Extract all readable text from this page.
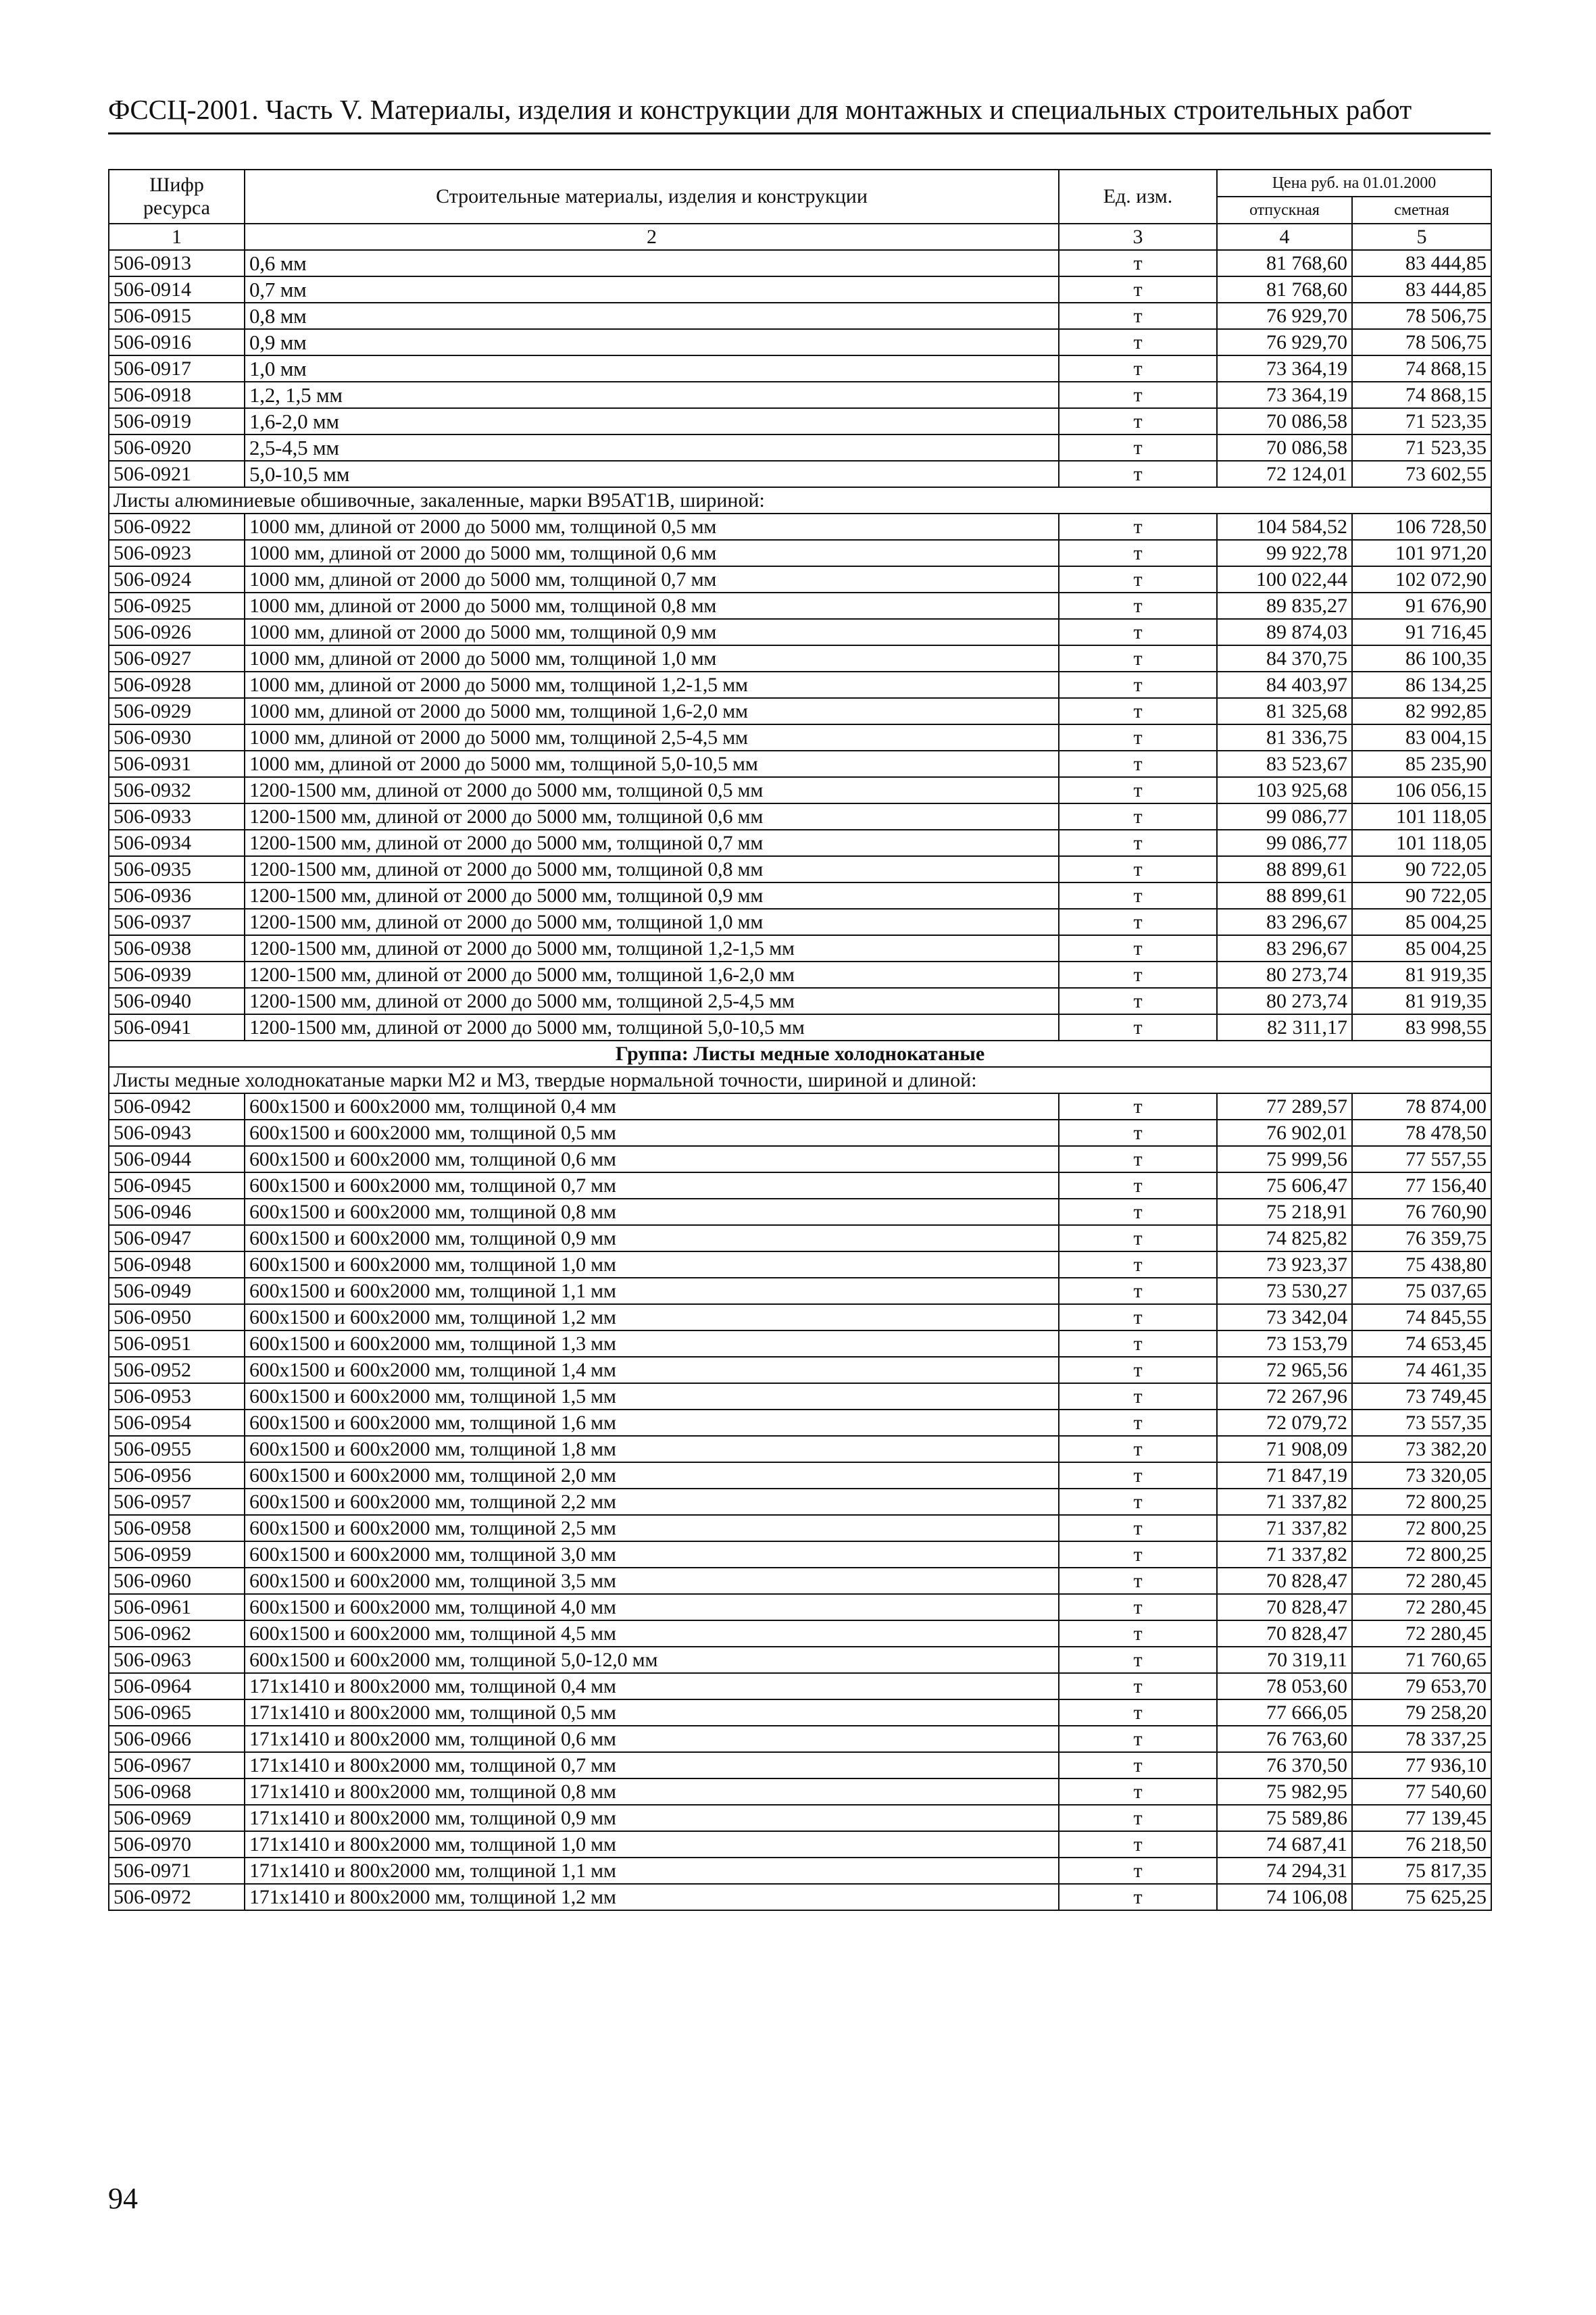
ФССЦ-2001. Часть V. Материалы, изделия и конструкции для монтажных и специальных строительных работ
Шифр ресурса	Строительные материалы, изделия и конструкции	Ед. изм.	Цена руб. на 01.01.2000	
			отпускная	сметная
1	2	3	4	5
506-0913	0,6 мм	т	81 768,60	83 444,85
506-0914	0,7 мм	т	81 768,60	83 444,85
506-0915	0,8 мм	т	76 929,70	78 506,75
506-0916	0,9 мм	т	76 929,70	78 506,75
506-0917	1,0 мм	т	73 364,19	74 868,15
506-0918	1,2, 1,5 мм	т	73 364,19	74 868,15
506-0919	1,6-2,0 мм	т	70 086,58	71 523,35
506-0920	2,5-4,5 мм	т	70 086,58	71 523,35
506-0921	5,0-10,5 мм	т	72 124,01	73 602,55
Листы алюминиевые обшивочные, закаленные, марки В95АТ1В, шириной:				
506-0922	1000 мм, длиной от 2000 до 5000 мм, толщиной 0,5 мм	т	104 584,52	106 728,50
506-0923	1000 мм, длиной от 2000 до 5000 мм, толщиной 0,6 мм	т	99 922,78	101 971,20
506-0924	1000 мм, длиной от 2000 до 5000 мм, толщиной 0,7 мм	т	100 022,44	102 072,90
506-0925	1000 мм, длиной от 2000 до 5000 мм, толщиной 0,8 мм	т	89 835,27	91 676,90
506-0926	1000 мм, длиной от 2000 до 5000 мм, толщиной 0,9 мм	т	89 874,03	91 716,45
506-0927	1000 мм, длиной от 2000 до 5000 мм, толщиной 1,0 мм	т	84 370,75	86 100,35
506-0928	1000 мм, длиной от 2000 до 5000 мм, толщиной 1,2-1,5 мм	т	84 403,97	86 134,25
506-0929	1000 мм, длиной от 2000 до 5000 мм, толщиной 1,6-2,0 мм	т	81 325,68	82 992,85
506-0930	1000 мм, длиной от 2000 до 5000 мм, толщиной 2,5-4,5 мм	т	81 336,75	83 004,15
506-0931	1000 мм, длиной от 2000 до 5000 мм, толщиной 5,0-10,5 мм	т	83 523,67	85 235,90
506-0932	1200-1500 мм, длиной от 2000 до 5000 мм, толщиной 0,5 мм	т	103 925,68	106 056,15
506-0933	1200-1500 мм, длиной от 2000 до 5000 мм, толщиной 0,6 мм	т	99 086,77	101 118,05
506-0934	1200-1500 мм, длиной от 2000 до 5000 мм, толщиной 0,7 мм	т	99 086,77	101 118,05
506-0935	1200-1500 мм, длиной от 2000 до 5000 мм, толщиной 0,8 мм	т	88 899,61	90 722,05
506-0936	1200-1500 мм, длиной от 2000 до 5000 мм, толщиной 0,9 мм	т	88 899,61	90 722,05
506-0937	1200-1500 мм, длиной от 2000 до 5000 мм, толщиной 1,0 мм	т	83 296,67	85 004,25
506-0938	1200-1500 мм, длиной от 2000 до 5000 мм, толщиной 1,2-1,5 мм	т	83 296,67	85 004,25
506-0939	1200-1500 мм, длиной от 2000 до 5000 мм, толщиной 1,6-2,0 мм	т	80 273,74	81 919,35
506-0940	1200-1500 мм, длиной от 2000 до 5000 мм, толщиной 2,5-4,5 мм	т	80 273,74	81 919,35
506-0941	1200-1500 мм, длиной от 2000 до 5000 мм, толщиной 5,0-10,5 мм	т	82 311,17	83 998,55
Группа: Листы медные холоднокатаные				
Листы медные холоднокатаные марки М2 и М3, твердые нормальной точности, шириной и длиной:				
506-0942	600x1500 и 600x2000 мм, толщиной 0,4 мм	т	77 289,57	78 874,00
506-0943	600x1500 и 600x2000 мм, толщиной 0,5 мм	т	76 902,01	78 478,50
506-0944	600x1500 и 600x2000 мм, толщиной 0,6 мм	т	75 999,56	77 557,55
506-0945	600x1500 и 600x2000 мм, толщиной 0,7 мм	т	75 606,47	77 156,40
506-0946	600x1500 и 600x2000 мм, толщиной 0,8 мм	т	75 218,91	76 760,90
506-0947	600x1500 и 600x2000 мм, толщиной 0,9 мм	т	74 825,82	76 359,75
506-0948	600x1500 и 600x2000 мм, толщиной 1,0 мм	т	73 923,37	75 438,80
506-0949	600x1500 и 600x2000 мм, толщиной 1,1 мм	т	73 530,27	75 037,65
506-0950	600x1500 и 600x2000 мм, толщиной 1,2 мм	т	73 342,04	74 845,55
506-0951	600x1500 и 600x2000 мм, толщиной 1,3 мм	т	73 153,79	74 653,45
506-0952	600x1500 и 600x2000 мм, толщиной 1,4 мм	т	72 965,56	74 461,35
506-0953	600x1500 и 600x2000 мм, толщиной 1,5 мм	т	72 267,96	73 749,45
506-0954	600x1500 и 600x2000 мм, толщиной 1,6 мм	т	72 079,72	73 557,35
506-0955	600x1500 и 600x2000 мм, толщиной 1,8 мм	т	71 908,09	73 382,20
506-0956	600x1500 и 600x2000 мм, толщиной 2,0 мм	т	71 847,19	73 320,05
506-0957	600x1500 и 600x2000 мм, толщиной 2,2 мм	т	71 337,82	72 800,25
506-0958	600x1500 и 600x2000 мм, толщиной 2,5 мм	т	71 337,82	72 800,25
506-0959	600x1500 и 600x2000 мм, толщиной 3,0 мм	т	71 337,82	72 800,25
506-0960	600x1500 и 600x2000 мм, толщиной 3,5 мм	т	70 828,47	72 280,45
506-0961	600x1500 и 600x2000 мм, толщиной 4,0 мм	т	70 828,47	72 280,45
506-0962	600x1500 и 600x2000 мм, толщиной 4,5 мм	т	70 828,47	72 280,45
506-0963	600x1500 и 600x2000 мм, толщиной 5,0-12,0 мм	т	70 319,11	71 760,65
506-0964	171x1410 и 800x2000 мм, толщиной 0,4 мм	т	78 053,60	79 653,70
506-0965	171x1410 и 800x2000 мм, толщиной 0,5 мм	т	77 666,05	79 258,20
506-0966	171x1410 и 800x2000 мм, толщиной 0,6 мм	т	76 763,60	78 337,25
506-0967	171x1410 и 800x2000 мм, толщиной 0,7 мм	т	76 370,50	77 936,10
506-0968	171x1410 и 800x2000 мм, толщиной 0,8 мм	т	75 982,95	77 540,60
506-0969	171x1410 и 800x2000 мм, толщиной 0,9 мм	т	75 589,86	77 139,45
506-0970	171x1410 и 800x2000 мм, толщиной 1,0 мм	т	74 687,41	76 218,50
506-0971	171x1410 и 800x2000 мм, толщиной 1,1 мм	т	74 294,31	75 817,35
506-0972	171x1410 и 800x2000 мм, толщиной 1,2 мм	т	74 106,08	75 625,25
94
